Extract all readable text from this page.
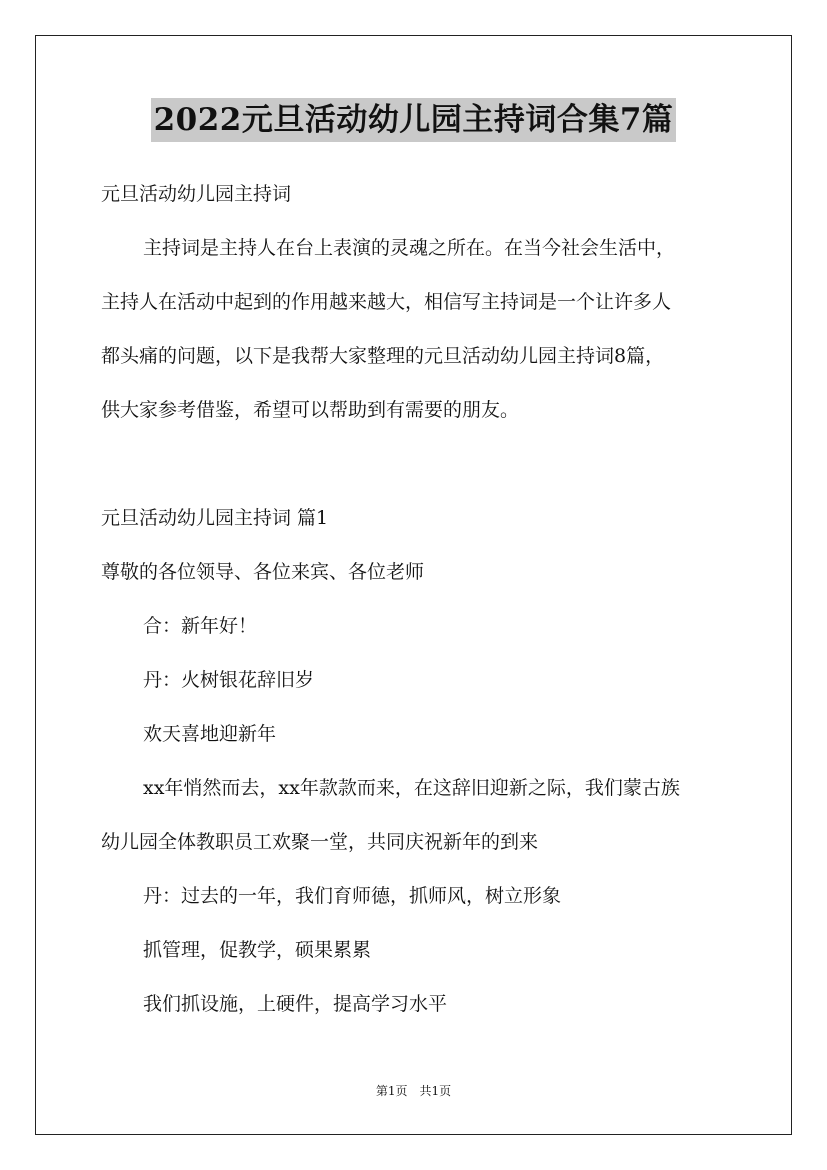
2022元旦活动幼儿园主持词合集7篇
元旦活动幼儿园主持词
主持词是主持人在台上表演的灵魂之所在。在当今社会生活中，
主持人在活动中起到的作用越来越大，相信写主持词是一个让许多人
都头痛的问题，以下是我帮大家整理的元旦活动幼儿园主持词8篇，
供大家参考借鉴，希望可以帮助到有需要的朋友。
元旦活动幼儿园主持词 篇1
尊敬的各位领导、各位来宾、各位老师
合：新年好！
丹：火树银花辞旧岁
欢天喜地迎新年
xx年悄然而去，xx年款款而来，在这辞旧迎新之际，我们蒙古族
幼儿园全体教职员工欢聚一堂，共同庆祝新年的到来
丹：过去的一年，我们育师德，抓师风，树立形象
抓管理，促教学，硕果累累
我们抓设施，上硬件，提高学习水平
第1页 共1页
